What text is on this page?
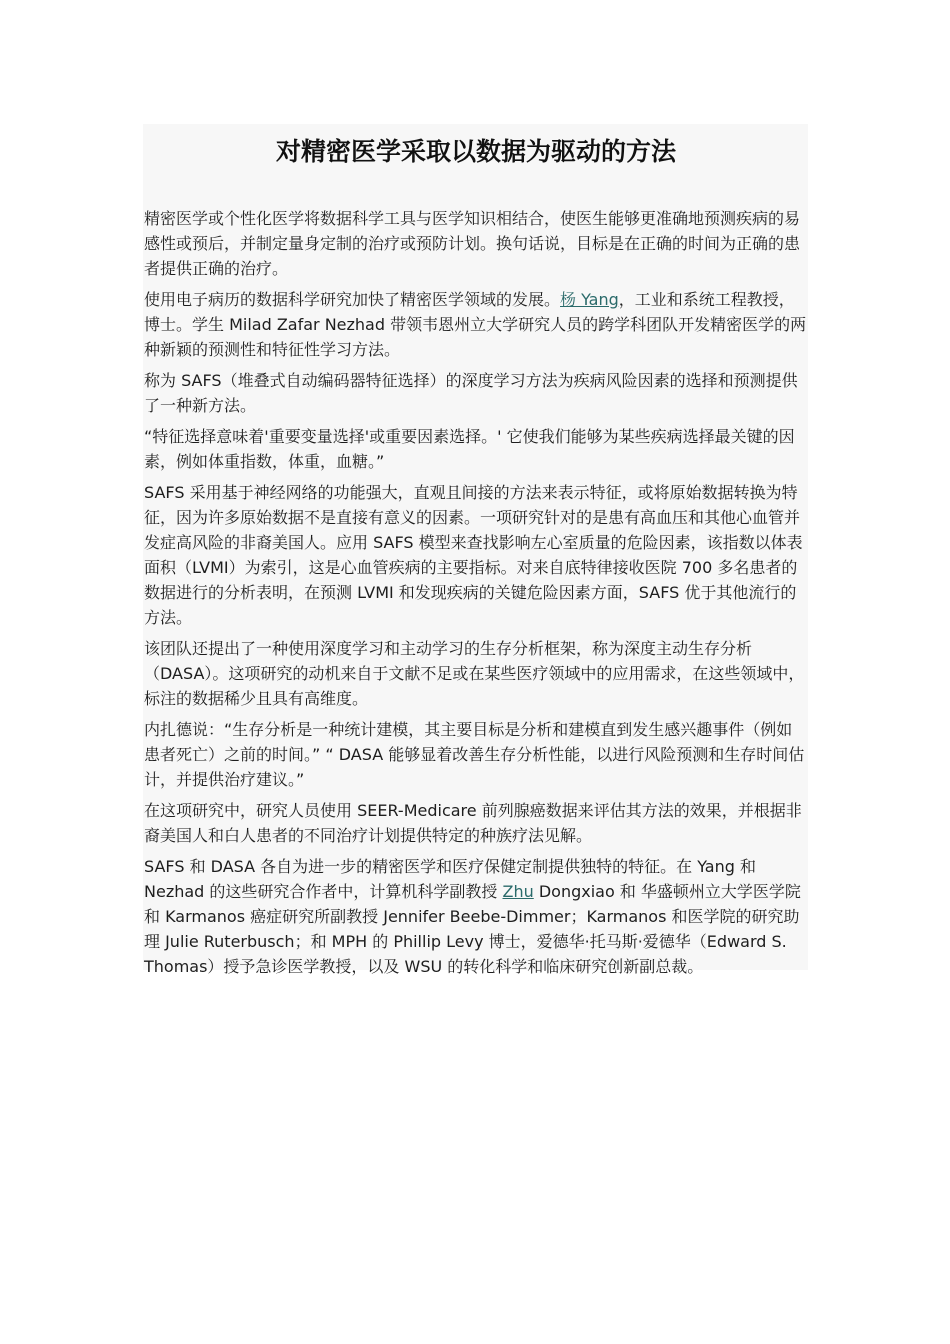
对精密医学采取以数据为驱动的方法

精密医学或个性化医学将数据科学工具与医学知识相结合，使医生能够更准确地预测疾病的易感性或预后，并制定量身定制的治疗或预防计划。换句话说，目标是在正确的时间为正确的患者提供正确的治疗。

使用电子病历的数据科学研究加快了精密医学领域的发展。杨 Yang，工业和系统工程教授，博士。学生 Milad Zafar Nezhad 带领韦恩州立大学研究人员的跨学科团队开发精密医学的两种新颖的预测性和特征性学习方法。

称为 SAFS（堆叠式自动编码器特征选择）的深度学习方法为疾病风险因素的选择和预测提供了一种新方法。

“特征选择意味着'重要变量选择'或重要因素选择。' 它使我们能够为某些疾病选择最关键的因素，例如体重指数，体重，血糖。”

SAFS 采用基于神经网络的功能强大，直观且间接的方法来表示特征，或将原始数据转换为特征，因为许多原始数据不是直接有意义的因素。一项研究针对的是患有高血压和其他心血管并发症高风险的非裔美国人。应用 SAFS 模型来查找影响左心室质量的危险因素，该指数以体表面积（LVMI）为索引，这是心血管疾病的主要指标。对来自底特律接收医院 700 多名患者的数据进行的分析表明，在预测 LVMI 和发现疾病的关键危险因素方面，SAFS 优于其他流行的方法。

该团队还提出了一种使用深度学习和主动学习的生存分析框架，称为深度主动生存分析（DASA）。这项研究的动机来自于文献不足或在某些医疗领域中的应用需求，在这些领域中，标注的数据稀少且具有高维度。

内扎德说：“生存分析是一种统计建模，其主要目标是分析和建模直到发生感兴趣事件（例如患者死亡）之前的时间。” “ DASA 能够显着改善生存分析性能，以进行风险预测和生存时间估计，并提供治疗建议。”

在这项研究中，研究人员使用 SEER-Medicare 前列腺癌数据来评估其方法的效果，并根据非裔美国人和白人患者的不同治疗计划提供特定的种族疗法见解。

SAFS 和 DASA 各自为进一步的精密医学和医疗保健定制提供独特的特征。在 Yang 和 Nezhad 的这些研究合作者中，计算机科学副教授 Zhu Dongxiao 和 华盛顿州立大学医学院和 Karmanos 癌症研究所副教授 Jennifer Beebe-Dimmer；Karmanos 和医学院的研究助理 Julie Ruterbusch；和 MPH 的 Phillip Levy 博士，爱德华·托马斯·爱德华（Edward S. Thomas）授予急诊医学教授，以及 WSU 的转化科学和临床研究创新副总裁。
